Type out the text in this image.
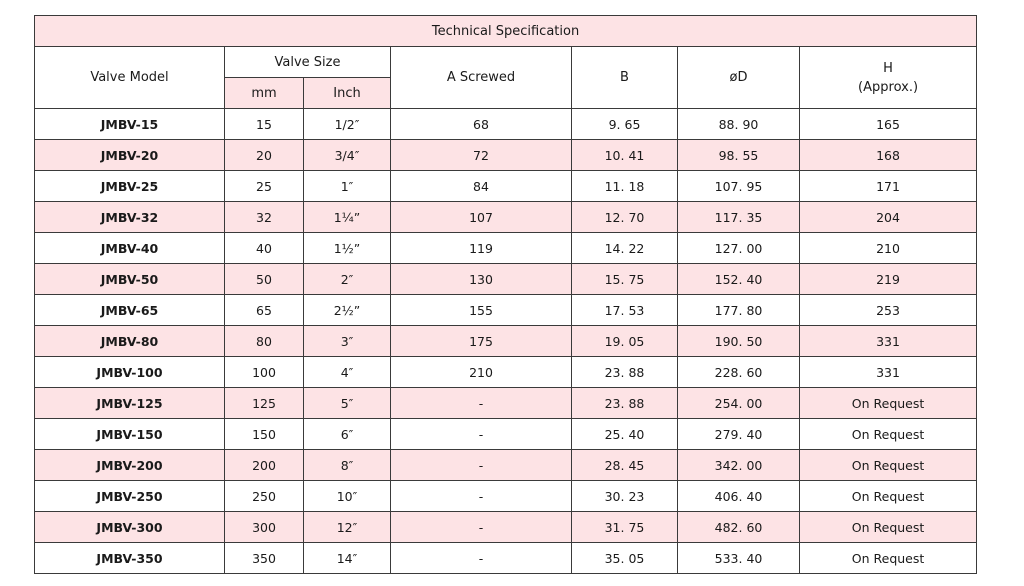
Technical Specification						
Valve Model	Valve Size		A Screwed	B	øD	H
(Approx.)

	mm	Inch				
JMBV-15	15	1/2″	68	9. 65	88. 90	165
JMBV-20	20	3/4″	72	10. 41	98. 55	168
JMBV-25	25	1″	84	11. 18	107. 95	171
JMBV-32	32	1¼”	107	12. 70	117. 35	204
JMBV-40	40	1½”	119	14. 22	127. 00	210
JMBV-50	50	2″	130	15. 75	152. 40	219
JMBV-65	65	2½”	155	17. 53	177. 80	253
JMBV-80	80	3″	175	19. 05	190. 50	331
JMBV-100	100	4″	210	23. 88	228. 60	331
JMBV-125	125	5″	-	23. 88	254. 00	On Request
JMBV-150	150	6″	-	25. 40	279. 40	On Request
JMBV-200	200	8″	-	28. 45	342. 00	On Request
JMBV-250	250	10″	-	30. 23	406. 40	On Request
JMBV-300	300	12″	-	31. 75	482. 60	On Request
JMBV-350	350	14″	-	35. 05	533. 40	On Request
